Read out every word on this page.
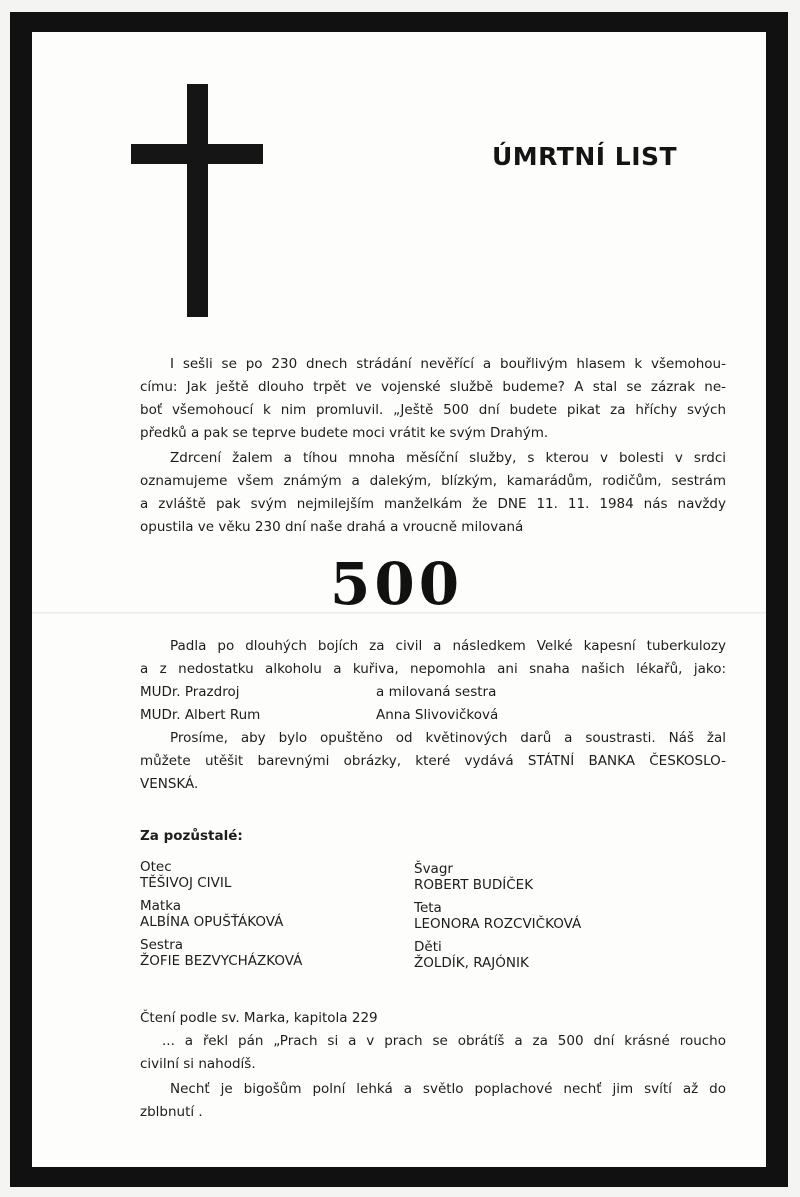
ÚMRTNÍ LIST
I sešli se po 230 dnech strádání nevěřící a bouřlivým hlasem k všemohou-
címu: Jak ještě dlouho trpět ve vojenské službě budeme? A stal se zázrak ne-
boť všemohoucí k nim promluvil. „Ještě 500 dní budete pikat za hříchy svých
předků a pak se teprve budete moci vrátit ke svým Drahým.
Zdrcení žalem a tíhou mnoha měsíční služby, s kterou v bolesti v srdci
oznamujeme všem známým a dalekým, blízkým, kamarádům, rodičům, sestrám
a zvláště pak svým nejmilejším manželkám že DNE 11. 11. 1984 nás navždy
opustila ve věku 230 dní naše drahá a vroucně milovaná
500
Padla po dlouhých bojích za civil a následkem Velké kapesní tuberkulozy
a z nedostatku alkoholu a kuřiva, nepomohla ani snaha našich lékařů, jako:
MUDr. Prazdroj	a milovaná sestra
MUDr. Albert Rum	Anna Slivovičková
Prosíme, aby bylo opuštěno od květinových darů a soustrasti. Náš žal
můžete utěšit barevnými obrázky, které vydává STÁTNÍ BANKA ČESKOSLO-
VENSKÁ.
Za pozůstalé:
Otec
TĚŠIVOJ CIVIL
Matka
ALBÍNA OPUŠŤÁKOVÁ
Sestra
ŽOFIE BEZVYCHÁZKOVÁ
Švagr
ROBERT BUDÍČEK
Teta
LEONORA ROZCVIČKOVÁ
Děti
ŽOLDÍK, RAJÓNIK
Čtení podle sv. Marka, kapitola 229
... a řekl pán „Prach si a v prach se obrátíš a za 500 dní krásné roucho
civilní si nahodíš.
Nechť je bigošům polní lehká a světlo poplachové nechť jim svítí až do
zblbnutí .
